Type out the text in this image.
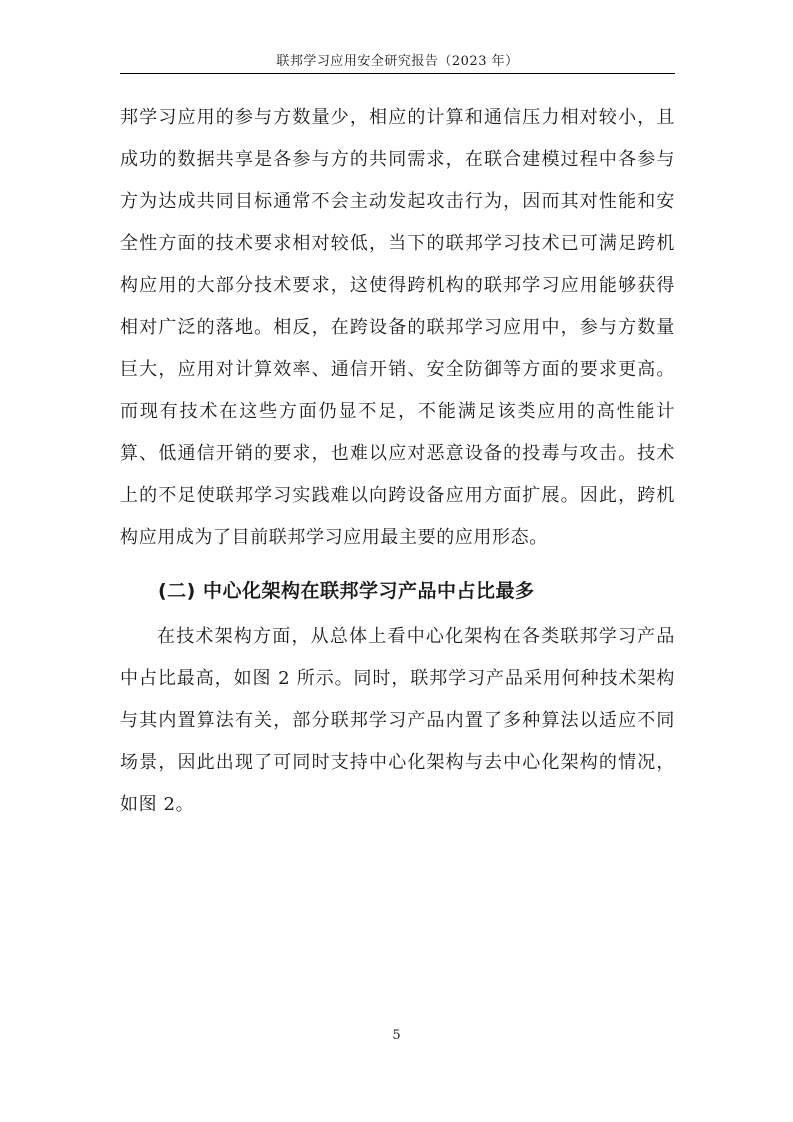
联邦学习应用安全研究报告（2023 年）

邦学习应用的参与方数量少，相应的计算和通信压力相对较小，且成功的数据共享是各参与方的共同需求，在联合建模过程中各参与方为达成共同目标通常不会主动发起攻击行为，因而其对性能和安全性方面的技术要求相对较低，当下的联邦学习技术已可满足跨机构应用的大部分技术要求，这使得跨机构的联邦学习应用能够获得相对广泛的落地。相反，在跨设备的联邦学习应用中，参与方数量巨大，应用对计算效率、通信开销、安全防御等方面的要求更高。而现有技术在这些方面仍显不足，不能满足该类应用的高性能计算、低通信开销的要求，也难以应对恶意设备的投毒与攻击。技术上的不足使联邦学习实践难以向跨设备应用方面扩展。因此，跨机构应用成为了目前联邦学习应用最主要的应用形态。

(二) 中心化架构在联邦学习产品中占比最多

在技术架构方面，从总体上看中心化架构在各类联邦学习产品中占比最高，如图 2 所示。同时，联邦学习产品采用何种技术架构与其内置算法有关，部分联邦学习产品内置了多种算法以适应不同场景，因此出现了可同时支持中心化架构与去中心化架构的情况，如图 2。

5
